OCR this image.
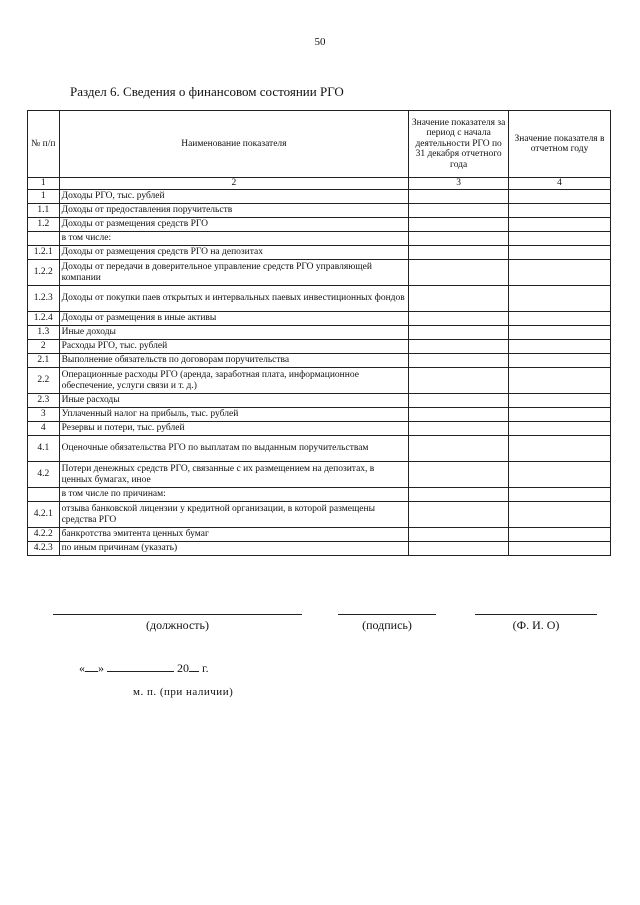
50
Раздел 6. Сведения о финансовом состоянии РГО
№ п/п	Наименование показателя	Значение показателя за период с начала деятельности РГО по 31 декабря отчетного года	Значение показателя в отчетном году
1	2	3	4
1	Доходы РГО, тыс. рублей		
1.1	Доходы от предоставления поручительств		
1.2	Доходы от размещения средств РГО		
	в том числе:		
1.2.1	Доходы от размещения средств РГО на депозитах		
1.2.2	Доходы от передачи в доверительное управление средств РГО управляющей компании		
1.2.3	Доходы от покупки паев открытых и интервальных паевых инвестиционных фондов		
1.2.4	Доходы от размещения в иные активы		
1.3	Иные доходы		
2	Расходы РГО, тыс. рублей		
2.1	Выполнение обязательств по договорам поручительства		
2.2	Операционные расходы РГО (аренда, заработная плата, информационное обеспечение, услуги связи и т. д.)		
2.3	Иные расходы		
3	Уплаченный налог на прибыль, тыс. рублей		
4	Резервы и потери, тыс. рублей		
4.1	Оценочные обязательства РГО по выплатам по выданным поручительствам		
4.2	Потери денежных средств РГО, связанные с их размещением на депозитах, в ценных бумагах, иное		
	в том числе по причинам:		
4.2.1	отзыва банковской лицензии у кредитной организации, в которой размещены средства РГО		
4.2.2	банкротства эмитента ценных бумаг		
4.2.3	по иным причинам (указать)		
(должность)	(подпись)	(Ф. И. О)
« »	20 г.
м. п. (при наличии)
